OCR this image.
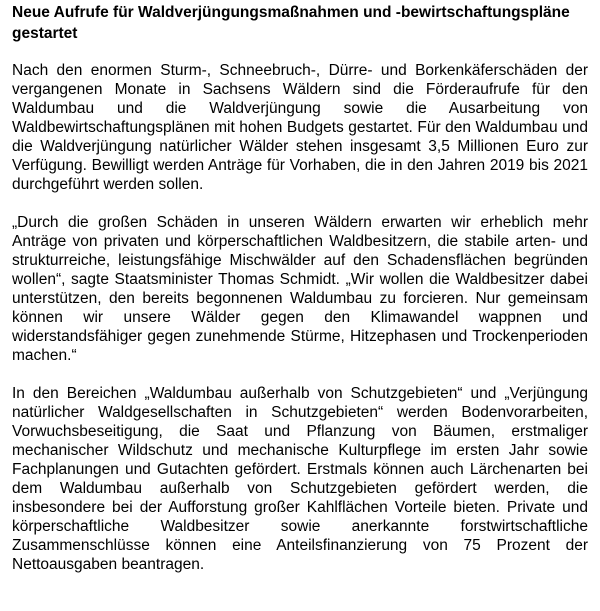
Neue Aufrufe für Waldverjüngungsmaßnahmen und -bewirtschaftungspläne gestartet

Nach den enormen Sturm-, Schneebruch-, Dürre- und Borkenkäferschäden der vergangenen Monate in Sachsens Wäldern sind die Förderaufrufe für den Waldumbau und die Waldverjüngung sowie die Ausarbeitung von Waldbewirtschaftungsplänen mit hohen Budgets gestartet. Für den Waldumbau und die Waldverjüngung natürlicher Wälder stehen insgesamt 3,5 Millionen Euro zur Verfügung. Bewilligt werden Anträge für Vorhaben, die in den Jahren 2019 bis 2021 durchgeführt werden sollen.

„Durch die großen Schäden in unseren Wäldern erwarten wir erheblich mehr Anträge von privaten und körperschaftlichen Waldbesitzern, die stabile arten- und strukturreiche, leistungsfähige Mischwälder auf den Schadensflächen begründen wollen“, sagte Staatsminister Thomas Schmidt. „Wir wollen die Waldbesitzer dabei unterstützen, den bereits begonnenen Waldumbau zu forcieren. Nur gemeinsam können wir unsere Wälder gegen den Klimawandel wappnen und widerstandsfähiger gegen zunehmende Stürme, Hitzephasen und Trockenperioden machen.“

In den Bereichen „Waldumbau außerhalb von Schutzgebieten“ und „Verjüngung natürlicher Waldgesellschaften in Schutzgebieten“ werden Bodenvorarbeiten, Vorwuchsbeseitigung, die Saat und Pflanzung von Bäumen, erstmaliger mechanischer Wildschutz und mechanische Kulturpflege im ersten Jahr sowie Fachplanungen und Gutachten gefördert. Erstmals können auch Lärchenarten bei dem Waldumbau außerhalb von Schutzgebieten gefördert werden, die insbesondere bei der Aufforstung großer Kahlflächen Vorteile bieten. Private und körperschaftliche Waldbesitzer sowie anerkannte forstwirtschaftliche Zusammenschlüsse können eine Anteilsfinanzierung von 75 Prozent der Nettoausgaben beantragen.
